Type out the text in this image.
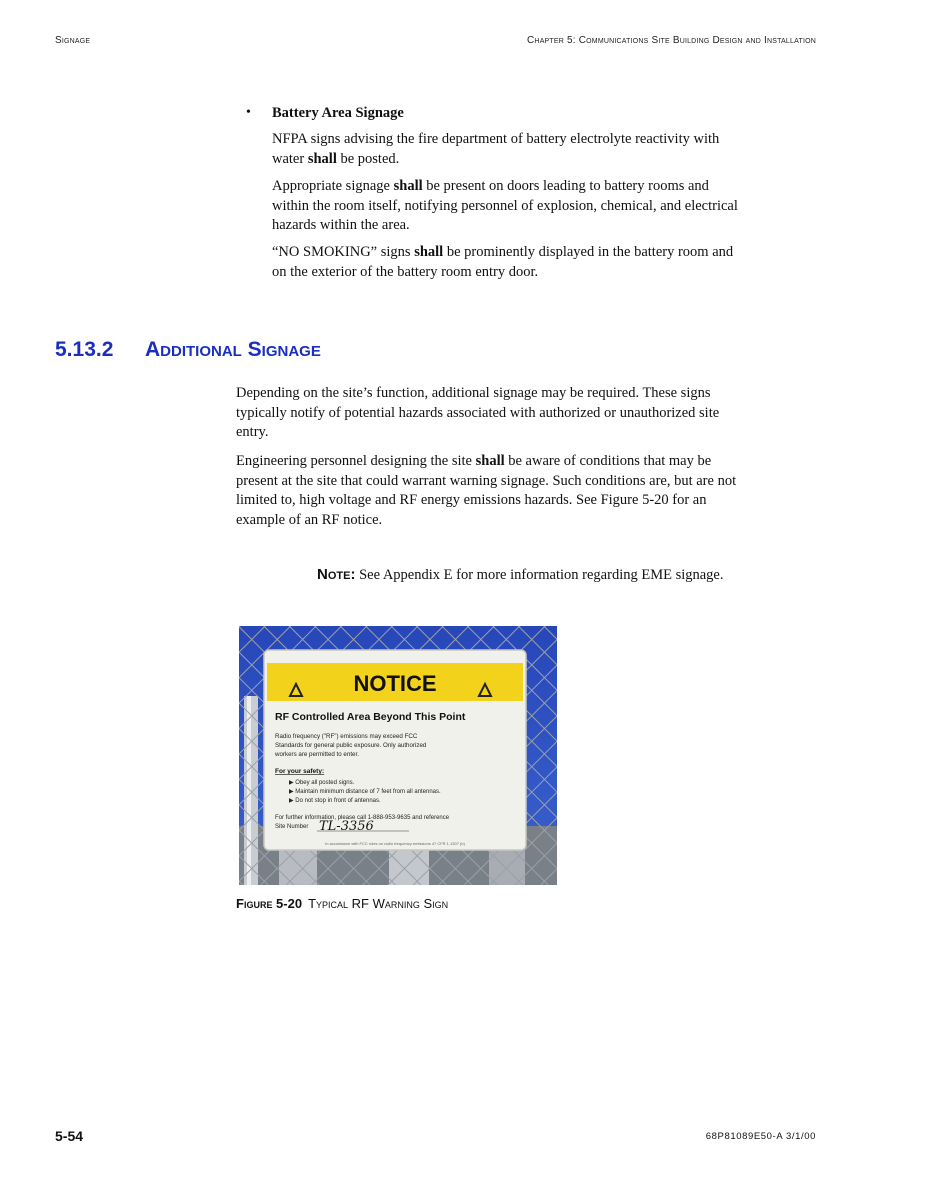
Signage	Chapter 5: Communications Site Building Design and Installation
• Battery Area Signage
NFPA signs advising the fire department of battery electrolyte reactivity with
water shall be posted.
Appropriate signage shall be present on doors leading to battery rooms and
within the room itself, notifying personnel of explosion, chemical, and electrical
hazards within the area.
“NO SMOKING” signs shall be prominently displayed in the battery room and
on the exterior of the battery room entry door.
5.13.2 Additional Signage
Depending on the site’s function, additional signage may be required. These signs
typically notify of potential hazards associated with authorized or unauthorized site
entry.
Engineering personnel designing the site shall be aware of conditions that may be
present at the site that could warrant warning signage. Such conditions are, but are not
limited to, high voltage and RF energy emissions hazards. See Figure 5-20 for an
example of an RF notice.
Note: See Appendix E for more information regarding EME signage.
NOTICE
RF Controlled Area Beyond This Point
Radio frequency ("RF") emissions may exceed FCC
Standards for general public exposure. Only authorized
workers are permitted to enter.
For your safety:
▶ Obey all posted signs.
▶ Maintain minimum distance of 7 feet from all antennas.
▶ Do not stop in front of antennas.
For further information, please call 1-888-953-9635 and reference
Site Number TL-3356
In accordance with FCC rules on radio frequency emissions 47 CFR 1.1307 (b)
Figure 5-20 Typical RF Warning Sign
5-54	68P81089E50-A 3/1/00
